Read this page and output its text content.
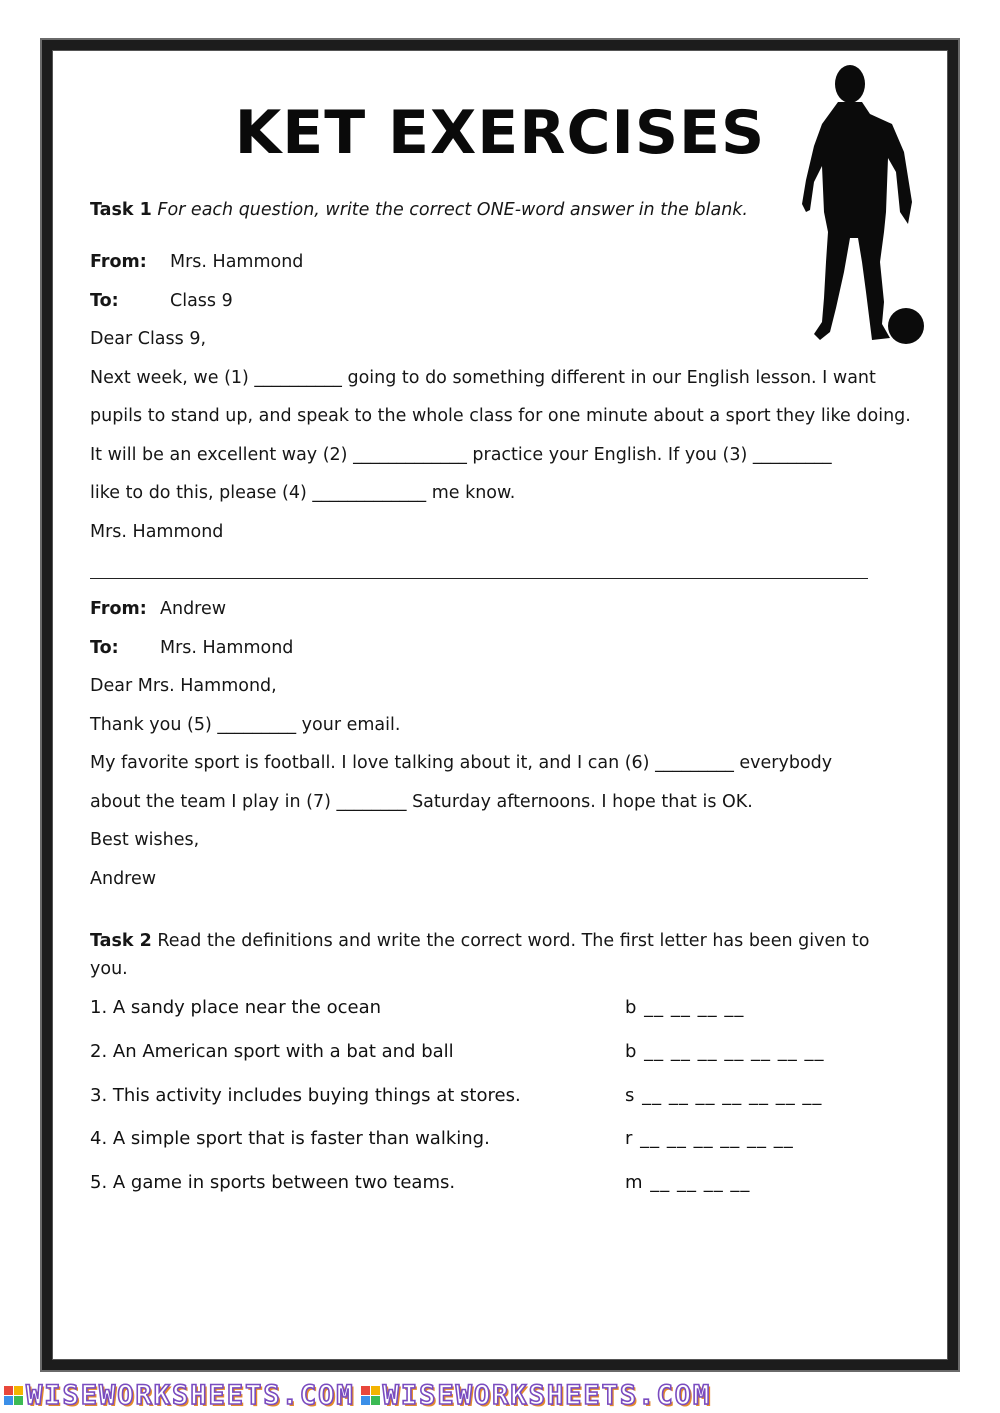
KET EXERCISES
Task 1 For each question, write the correct ONE-word answer in the blank.
From: Mrs. Hammond
To:	Class 9
Dear Class 9,
Next week, we (1) __________ going to do something different in our English lesson. I want
pupils to stand up, and speak to the whole class for one minute about a sport they like doing.
It will be an excellent way (2) _____________ practice your English. If you (3) _________
like to do this, please (4) _____________ me know.
Mrs. Hammond
From: Andrew
To: Mrs. Hammond
Dear Mrs. Hammond,
Thank you (5) _________ your email.
My favorite sport is football. I love talking about it, and I can (6) _________ everybody
about the team I play in (7) ________ Saturday afternoons. I hope that is OK.
Best wishes,
Andrew
Task 2 Read the definitions and write the correct word. The first letter has been given to you.
1. A sandy place near the ocean	b __ __ __ __
2. An American sport with a bat and ball	b __ __ __ __ __ __ __
3. This activity includes buying things at stores.	s __ __ __ __ __ __ __
4. A simple sport that is faster than walking.	r __ __ __ __ __ __
5. A game in sports between two teams.	m __ __ __ __
WISEWORKSHEETS.COM WISEWORKSHEETS.COM
